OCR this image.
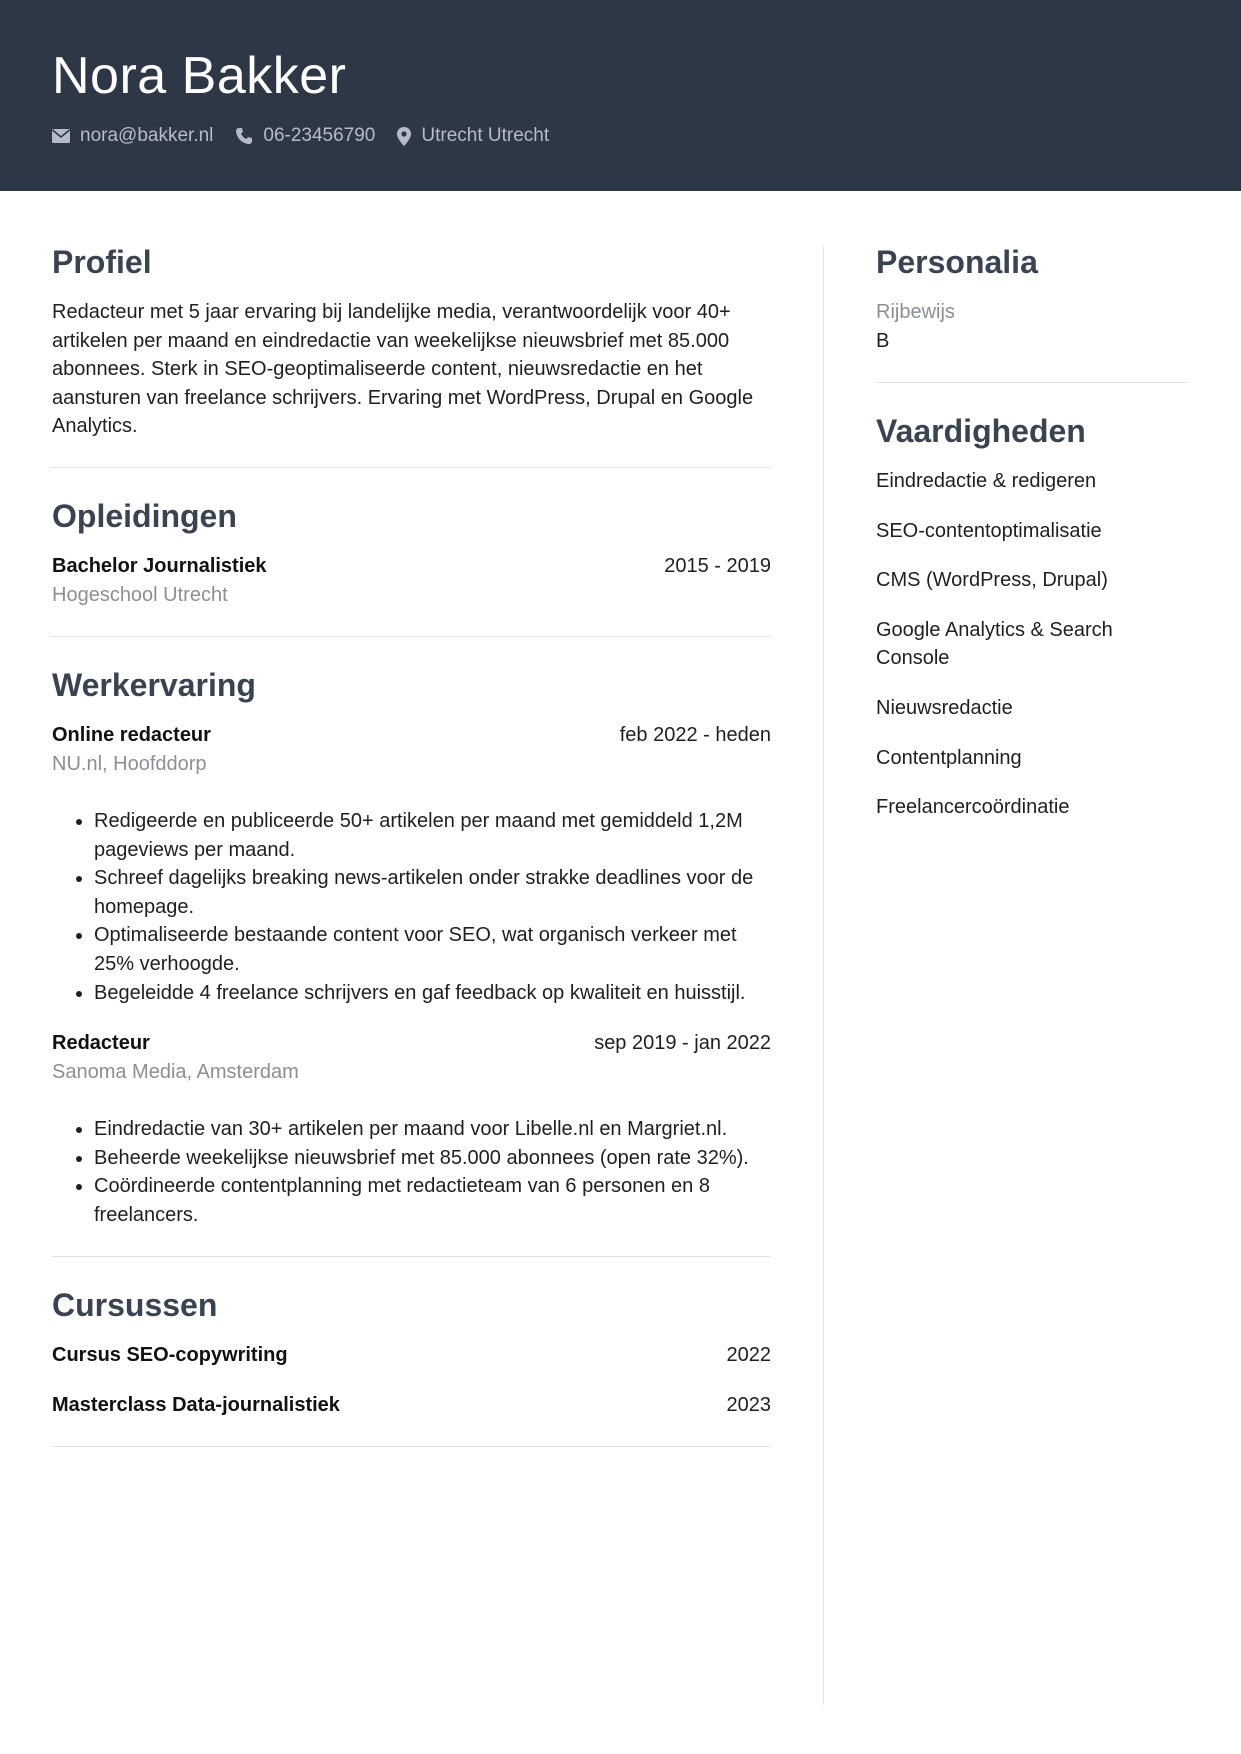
Nora Bakker
nora@bakker.nl	06-23456790 Utrecht Utrecht
Profiel

Redacteur met 5 jaar ervaring bij landelijke media, verantwoordelijk voor 40+ artikelen per maand en eindredactie van weekelijkse nieuwsbrief met 85.000 abonnees. Sterk in SEO-geoptimaliseerde content, nieuwsredactie en het aansturen van freelance schrijvers. Ervaring met WordPress, Drupal en Google Analytics.

Opleidingen
Bachelor Journalistiek	2015 - 2019
Hogeschool Utrecht
Werkervaring
Online redacteur	feb 2022 - heden
NU.nl, Hoofddorp
• Redigeerde en publiceerde 50+ artikelen per maand met gemiddeld 1,2M pageviews per maand.
• Schreef dagelijks breaking news-artikelen onder strakke deadlines voor de homepage.
• Optimaliseerde bestaande content voor SEO, wat organisch verkeer met 25% verhoogde.
• Begeleidde 4 freelance schrijvers en gaf feedback op kwaliteit en huisstijl.
Redacteur	sep 2019 - jan 2022
Sanoma Media, Amsterdam
• Eindredactie van 30+ artikelen per maand voor Libelle.nl en Margriet.nl.
• Beheerde weekelijkse nieuwsbrief met 85.000 abonnees (open rate 32%).
• Coördineerde contentplanning met redactieteam van 6 personen en 8 freelancers.
Cursussen
Cursus SEO-copywriting	2022
Masterclass Data-journalistiek	2023
Personalia
Rijbewijs
B
Vaardigheden
Eindredactie & redigeren
SEO-contentoptimalisatie
CMS (WordPress, Drupal)
Google Analytics & Search Console
Nieuwsredactie
Contentplanning
Freelancercoördinatie
